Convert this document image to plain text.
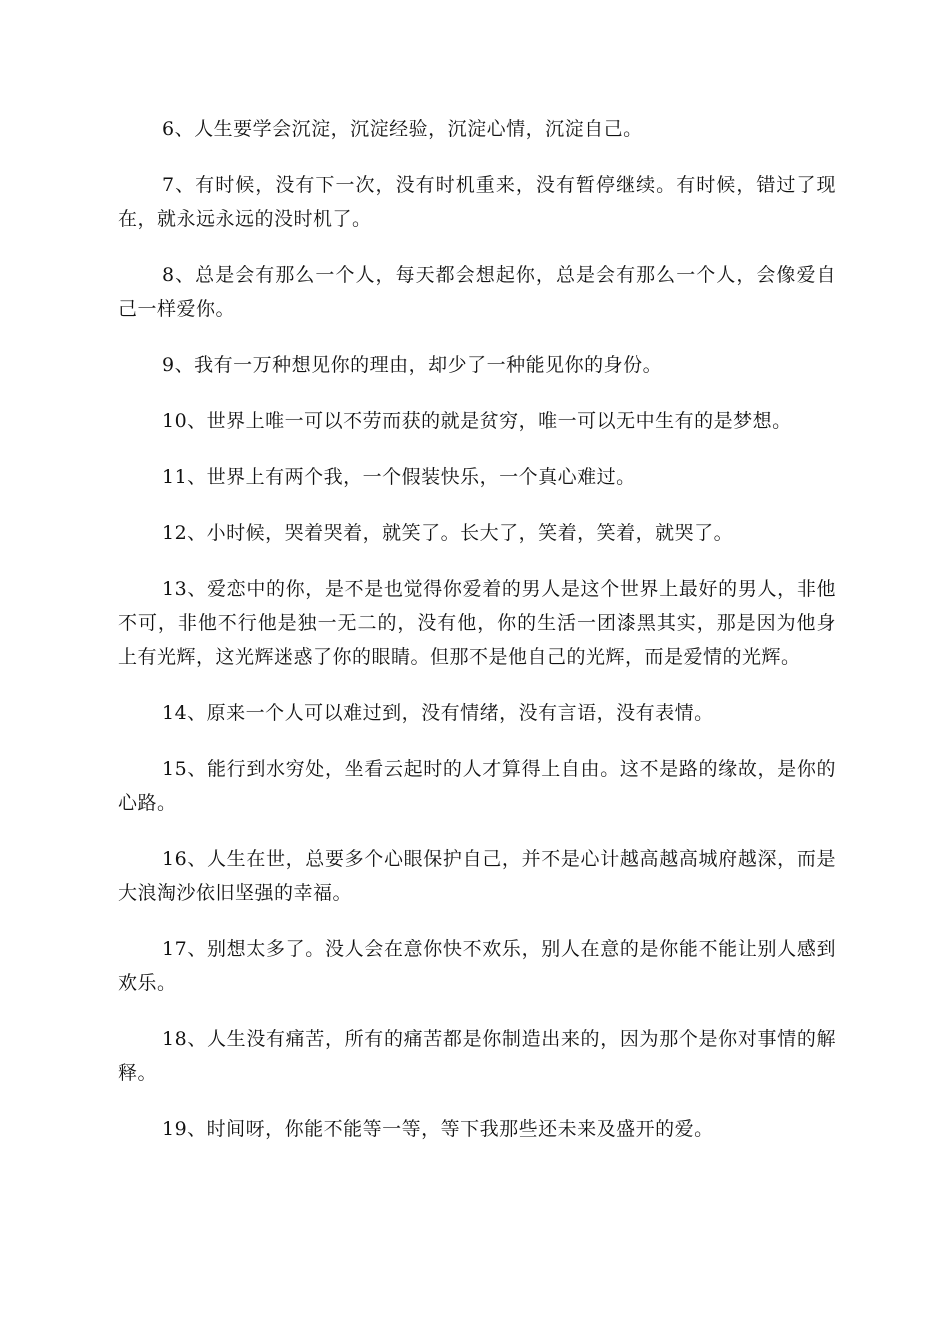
6、人生要学会沉淀，沉淀经验，沉淀心情，沉淀自己。

7、有时候，没有下一次，没有时机重来，没有暂停继续。有时候，错过了现在，就永远永远的没时机了。

8、总是会有那么一个人，每天都会想起你，总是会有那么一个人，会像爱自己一样爱你。

9、我有一万种想见你的理由，却少了一种能见你的身份。

10、世界上唯一可以不劳而获的就是贫穷，唯一可以无中生有的是梦想。

11、世界上有两个我，一个假装快乐，一个真心难过。

12、小时候，哭着哭着，就笑了。长大了，笑着，笑着，就哭了。

13、爱恋中的你，是不是也觉得你爱着的男人是这个世界上最好的男人，非他不可，非他不行他是独一无二的，没有他，你的生活一团漆黑其实，那是因为他身上有光辉，这光辉迷惑了你的眼睛。但那不是他自己的光辉，而是爱情的光辉。

14、原来一个人可以难过到，没有情绪，没有言语，没有表情。

15、能行到水穷处，坐看云起时的人才算得上自由。这不是路的缘故，是你的心路。

16、人生在世，总要多个心眼保护自己，并不是心计越高越高城府越深，而是大浪淘沙依旧坚强的幸福。

17、别想太多了。没人会在意你快不欢乐，别人在意的是你能不能让别人感到欢乐。

18、人生没有痛苦，所有的痛苦都是你制造出来的，因为那个是你对事情的解释。

19、时间呀，你能不能等一等，等下我那些还未来及盛开的爱。
